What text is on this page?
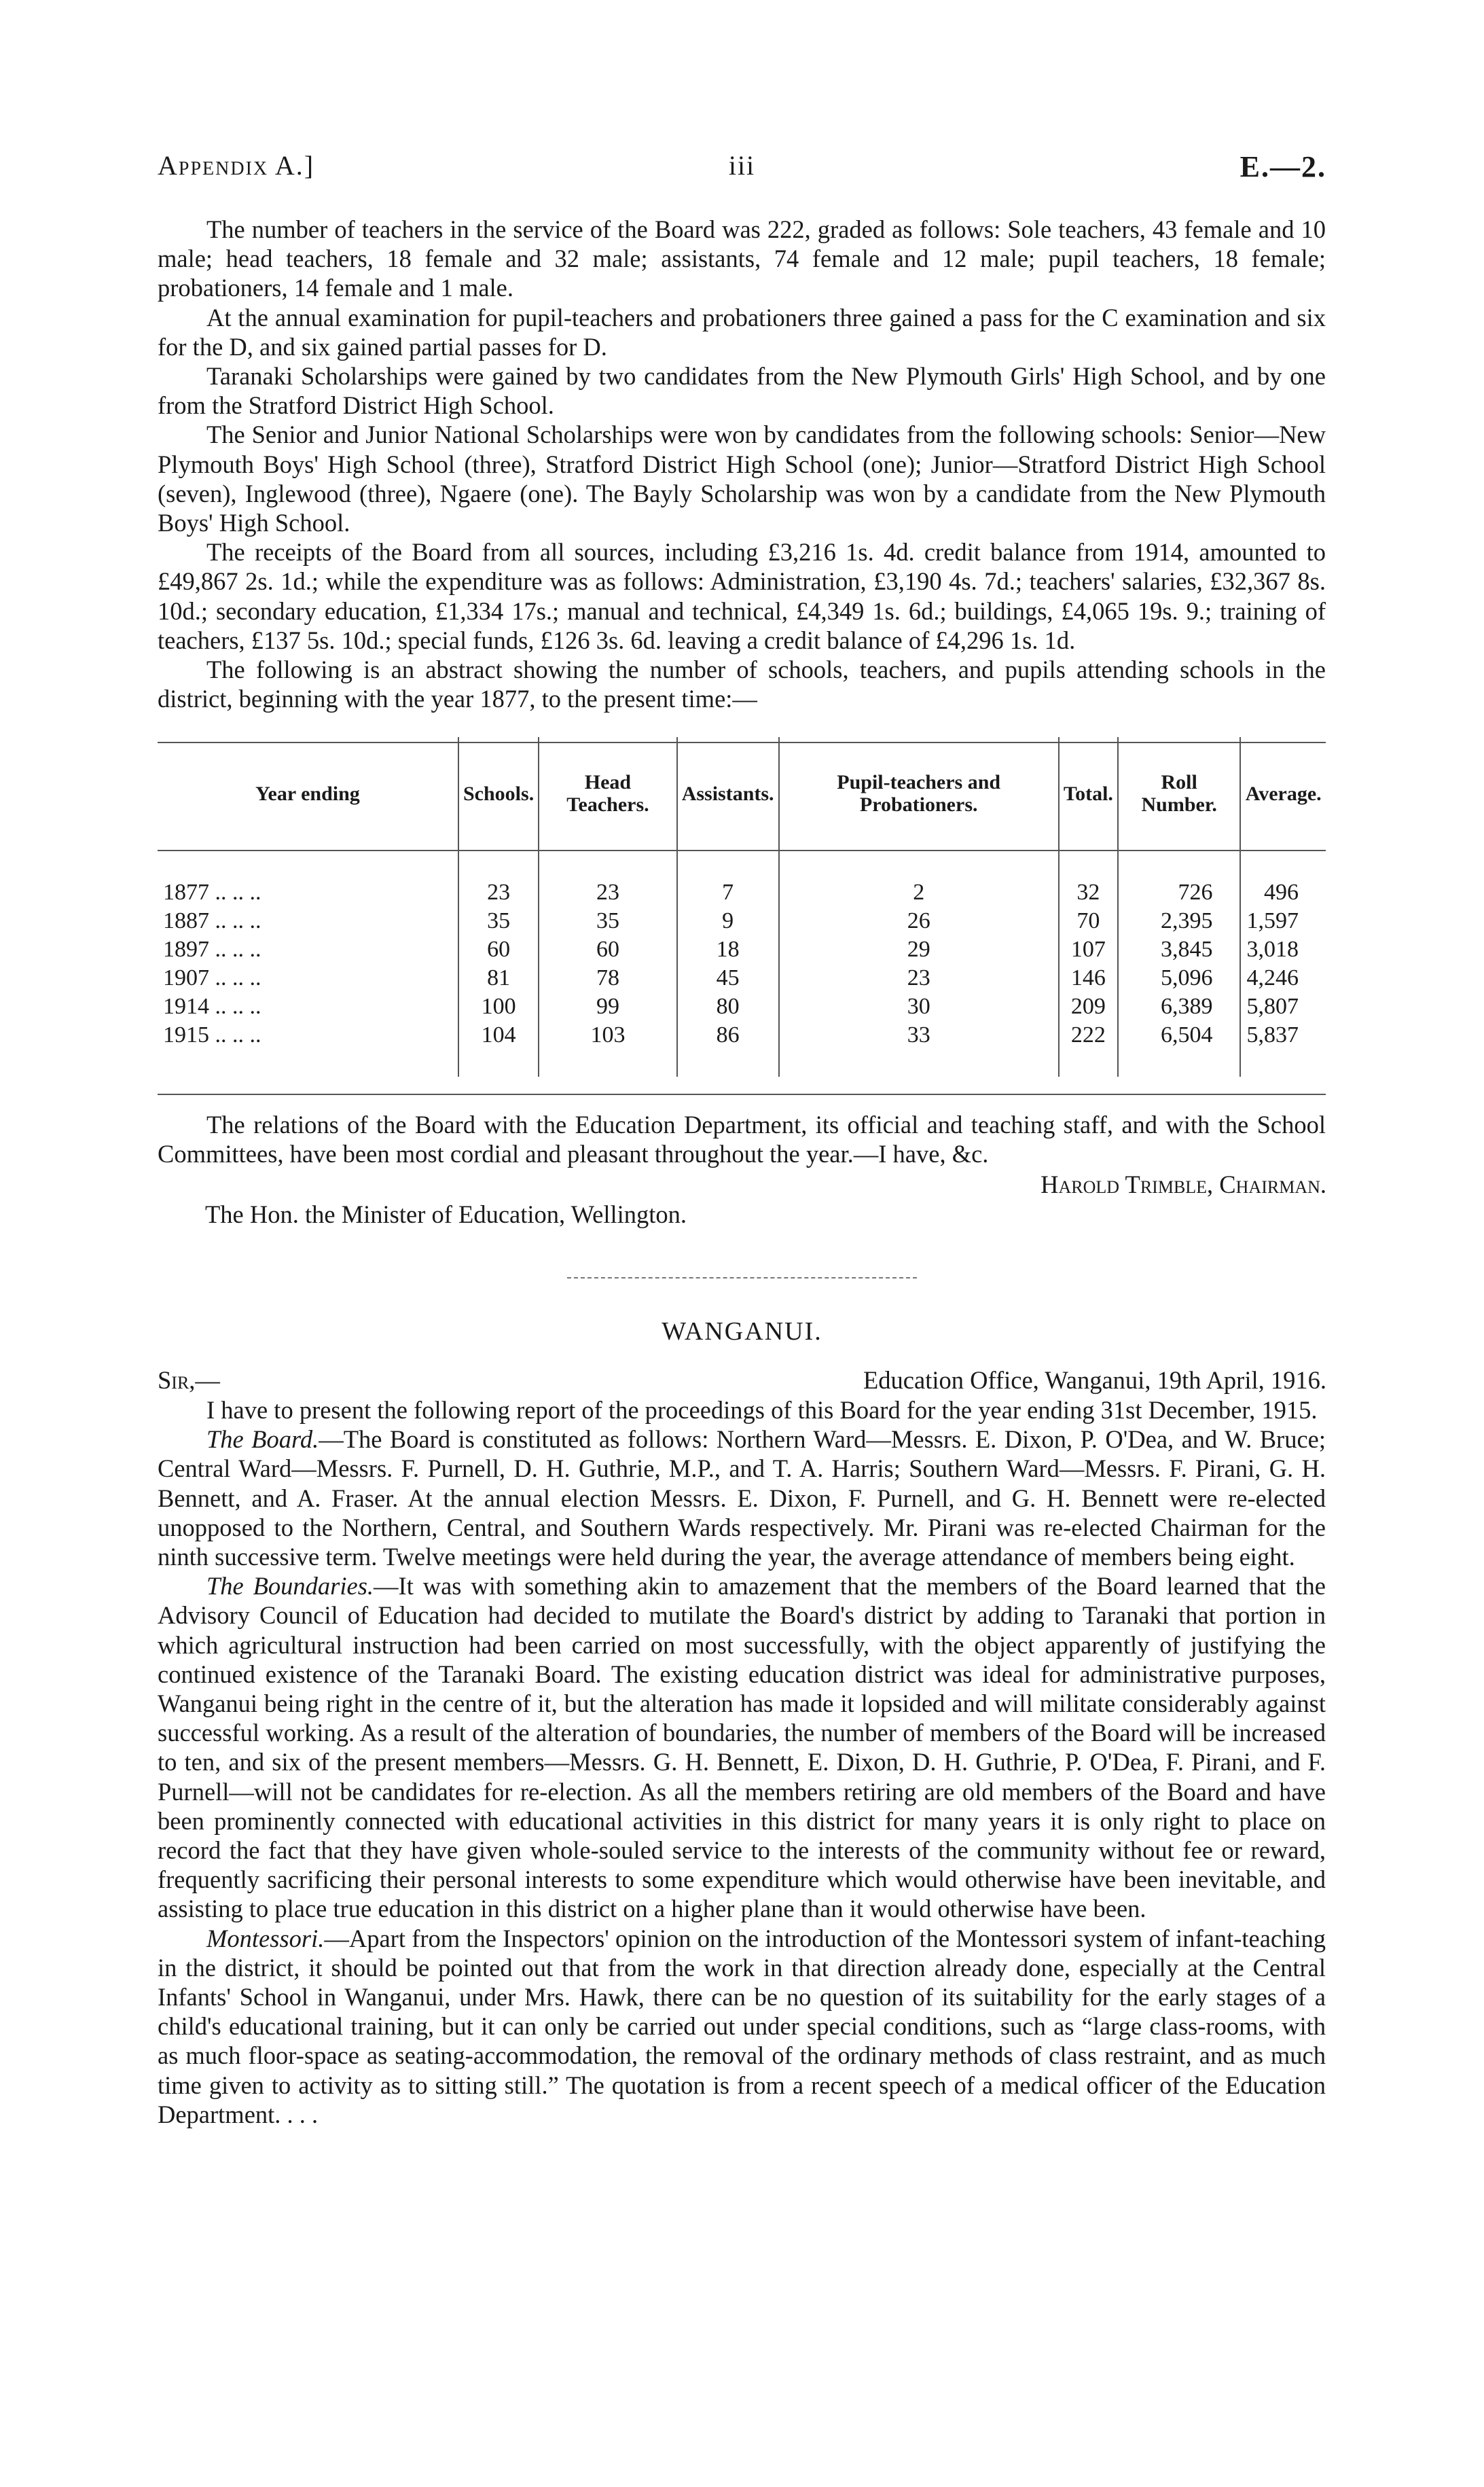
Appendix A.]	iii	E.—2.

The number of teachers in the service of the Board was 222, graded as follows: Sole teachers, 43 female and 10 male; head teachers, 18 female and 32 male; assistants, 74 female and 12 male; pupil teachers, 18 female; probationers, 14 female and 1 male.

At the annual examination for pupil-teachers and probationers three gained a pass for the C examination and six for the D, and six gained partial passes for D.

Taranaki Scholarships were gained by two candidates from the New Plymouth Girls' High School, and by one from the Stratford District High School.

The Senior and Junior National Scholarships were won by candidates from the following schools: Senior—New Plymouth Boys' High School (three), Stratford District High School (one); Junior—Stratford District High School (seven), Inglewood (three), Ngaere (one). The Bayly Scholarship was won by a candidate from the New Plymouth Boys' High School.

The receipts of the Board from all sources, including £3,216 1s. 4d. credit balance from 1914, amounted to £49,867 2s. 1d.; while the expenditure was as follows: Administration, £3,190 4s. 7d.; teachers' salaries, £32,367 8s. 10d.; secondary education, £1,334 17s.; manual and technical, £4,349 1s. 6d.; buildings, £4,065 19s. 9.; training of teachers, £137 5s. 10d.; special funds, £126 3s. 6d. leaving a credit balance of £4,296 1s. 1d.

The following is an abstract showing the number of schools, teachers, and pupils attending schools in the district, beginning with the year 1877, to the present time:—

Year ending	Schools.	Head Teachers.	Assistants.	Pupil-teachers and Probationers.	Total.	Roll Number.	Average.

1877 .. .. ..	23	23	7	2	32	726	496
1887 .. .. ..	35	35	9	26	70	2,395	1,597
1897 .. .. ..	60	60	18	29	107	3,845	3,018
1907 .. .. ..	81	78	45	23	146	5,096	4,246
1914 .. .. ..	100	99	80	30	209	6,389	5,807
1915 .. .. ..	104	103	86	33	222	6,504	5,837

The relations of the Board with the Education Department, its official and teaching staff, and with the School Committees, have been most cordial and pleasant throughout the year.—I have, &c.

Harold Trimble, Chairman.
The Hon. the Minister of Education, Wellington.
WANGANUI.
Sir,—	Education Office, Wanganui, 19th April, 1916.

I have to present the following report of the proceedings of this Board for the year ending 31st December, 1915.

The Board.—The Board is constituted as follows: Northern Ward—Messrs. E. Dixon, P. O'Dea, and W. Bruce; Central Ward—Messrs. F. Purnell, D. H. Guthrie, M.P., and T. A. Harris; Southern Ward—Messrs. F. Pirani, G. H. Bennett, and A. Fraser. At the annual election Messrs. E. Dixon, F. Purnell, and G. H. Bennett were re-elected unopposed to the Northern, Central, and Southern Wards respectively. Mr. Pirani was re-elected Chairman for the ninth successive term. Twelve meetings were held during the year, the average attendance of members being eight.

The Boundaries.—It was with something akin to amazement that the members of the Board learned that the Advisory Council of Education had decided to mutilate the Board's district by adding to Taranaki that portion in which agricultural instruction had been carried on most successfully, with the object apparently of justifying the continued existence of the Taranaki Board. The existing education district was ideal for administrative purposes, Wanganui being right in the centre of it, but the alteration has made it lopsided and will militate considerably against successful working. As a result of the alteration of boundaries, the number of members of the Board will be increased to ten, and six of the present members—Messrs. G. H. Bennett, E. Dixon, D. H. Guthrie, P. O'Dea, F. Pirani, and F. Purnell—will not be candidates for re-election. As all the members retiring are old members of the Board and have been prominently connected with educational activities in this district for many years it is only right to place on record the fact that they have given whole-souled service to the interests of the community without fee or reward, frequently sacrificing their personal interests to some expenditure which would otherwise have been inevitable, and assisting to place true education in this district on a higher plane than it would otherwise have been.

Montessori.—Apart from the Inspectors' opinion on the introduction of the Montessori system of infant-teaching in the district, it should be pointed out that from the work in that direction already done, especially at the Central Infants' School in Wanganui, under Mrs. Hawk, there can be no question of its suitability for the early stages of a child's educational training, but it can only be carried out under special conditions, such as “large class-rooms, with as much floor-space as seating-accommodation, the removal of the ordinary methods of class restraint, and as much time given to activity as to sitting still.” The quotation is from a recent speech of a medical officer of the Education Department. . . .
